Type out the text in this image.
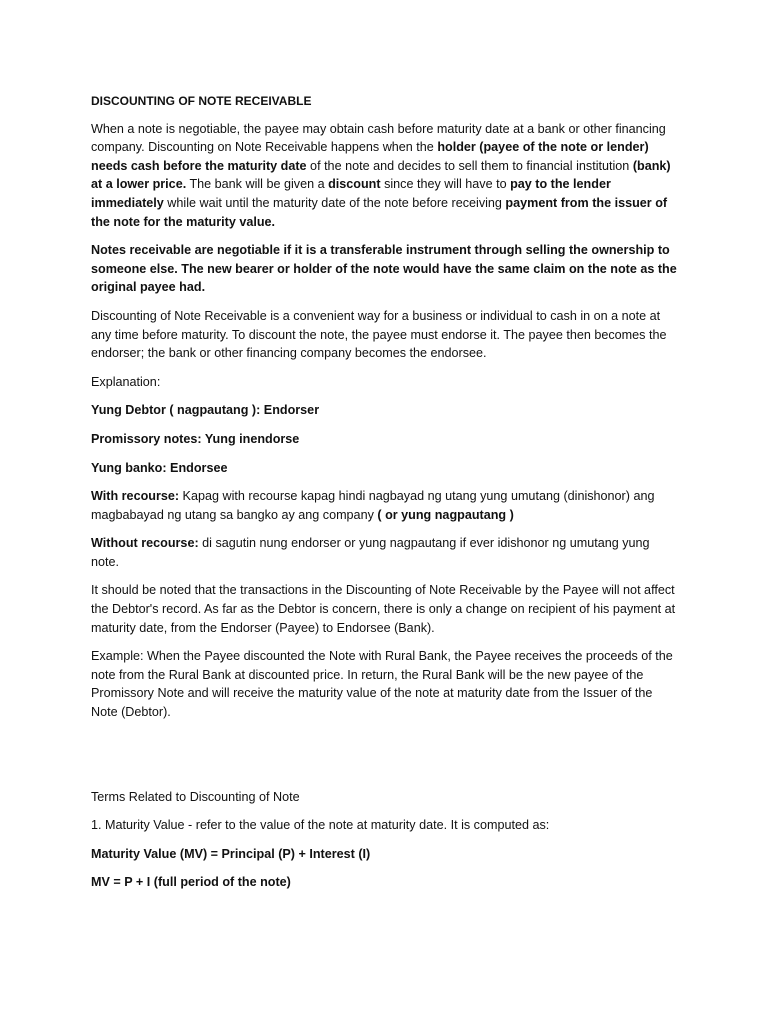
DISCOUNTING OF NOTE RECEIVABLE

When a note is negotiable, the payee may obtain cash before maturity date at a bank or other financing company. Discounting on Note Receivable happens when the holder (payee of the note or lender) needs cash before the maturity date of the note and decides to sell them to financial institution (bank) at a lower price. The bank will be given a discount since they will have to pay to the lender immediately while wait until the maturity date of the note before receiving payment from the issuer of the note for the maturity value.

Notes receivable are negotiable if it is a transferable instrument through selling the ownership to someone else. The new bearer or holder of the note would have the same claim on the note as the original payee had.

Discounting of Note Receivable is a convenient way for a business or individual to cash in on a note at any time before maturity. To discount the note, the payee must endorse it. The payee then becomes the endorser; the bank or other financing company becomes the endorsee.

Explanation:

Yung Debtor ( nagpautang ): Endorser

Promissory notes: Yung inendorse

Yung banko: Endorsee

With recourse: Kapag with recourse kapag hindi nagbayad ng utang yung umutang (dinishonor) ang magbabayad ng utang sa bangko ay ang company ( or yung nagpautang )

Without recourse: di sagutin nung endorser or yung nagpautang if ever idishonor ng umutang yung note.

It should be noted that the transactions in the Discounting of Note Receivable by the Payee will not affect the Debtor's record. As far as the Debtor is concern, there is only a change on recipient of his payment at maturity date, from the Endorser (Payee) to Endorsee (Bank).

Example: When the Payee discounted the Note with Rural Bank, the Payee receives the proceeds of the note from the Rural Bank at discounted price. In return, the Rural Bank will be the new payee of the Promissory Note and will receive the maturity value of the note at maturity date from the Issuer of the Note (Debtor).

Terms Related to Discounting of Note

1. Maturity Value - refer to the value of the note at maturity date. It is computed as:

Maturity Value (MV) = Principal (P) + Interest (I)

MV = P + I (full period of the note)
